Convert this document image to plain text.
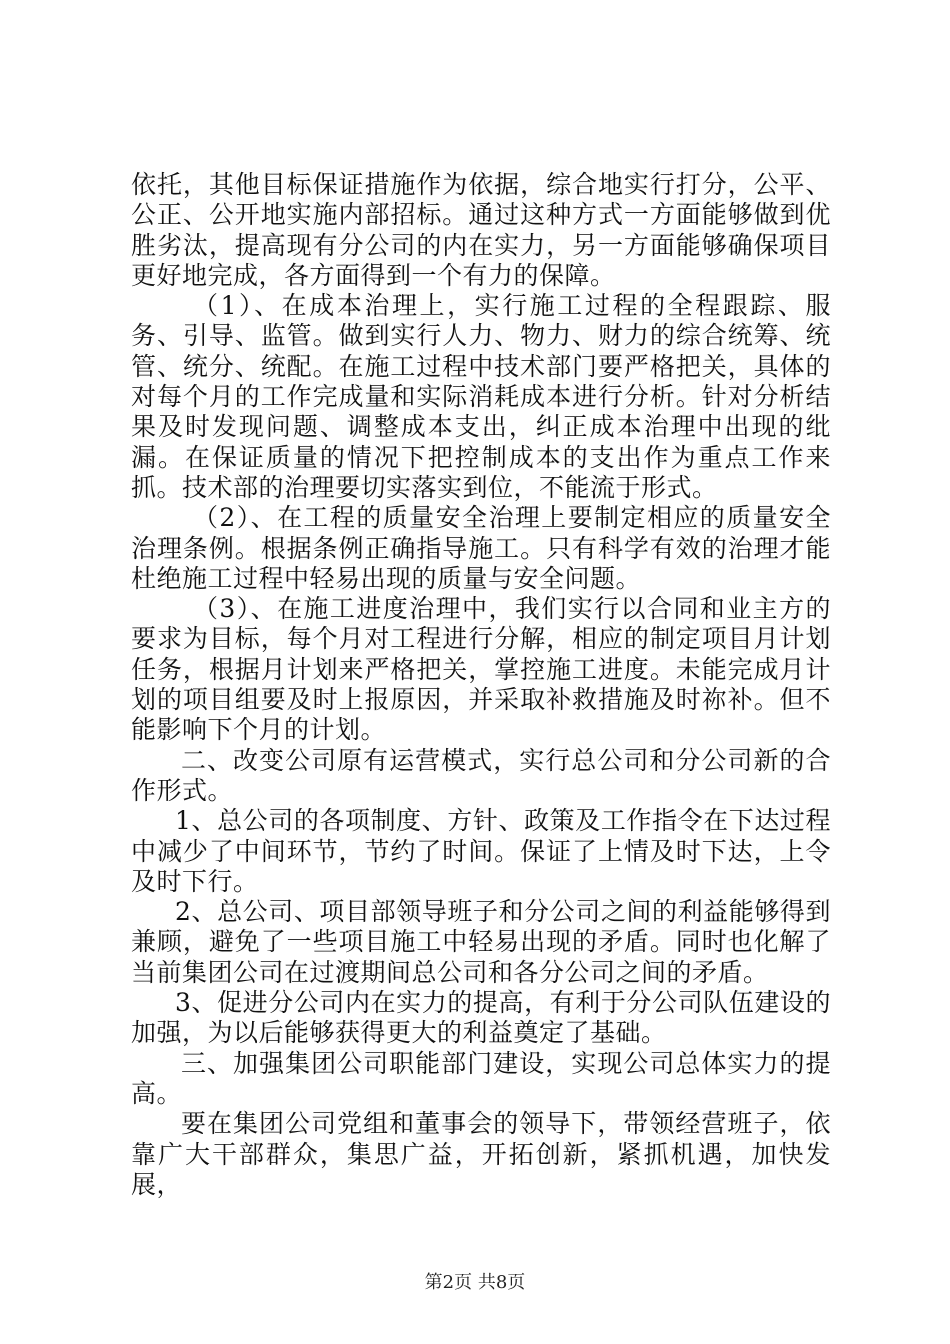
依托，其他目标保证措施作为依据，综合地实行打分，公平、公正、公开地实施内部招标。通过这种方式一方面能够做到优胜劣汰，提高现有分公司的内在实力，另一方面能够确保项目更好地完成，各方面得到一个有力的保障。

（1）、在成本治理上，实行施工过程的全程跟踪、服务、引导、监管。做到实行人力、物力、财力的综合统筹、统管、统分、统配。在施工过程中技术部门要严格把关，具体的对每个月的工作完成量和实际消耗成本进行分析。针对分析结果及时发现问题、调整成本支出，纠正成本治理中出现的纰漏。在保证质量的情况下把控制成本的支出作为重点工作来抓。技术部的治理要切实落实到位，不能流于形式。

（2）、在工程的质量安全治理上要制定相应的质量安全治理条例。根据条例正确指导施工。只有科学有效的治理才能杜绝施工过程中轻易出现的质量与安全问题。

（3）、在施工进度治理中，我们实行以合同和业主方的要求为目标，每个月对工程进行分解，相应的制定项目月计划任务，根据月计划来严格把关，掌控施工进度。未能完成月计划的项目组要及时上报原因，并采取补救措施及时祢补。但不能影响下个月的计划。

二、改变公司原有运营模式，实行总公司和分公司新的合作形式。

1、总公司的各项制度、方针、政策及工作指令在下达过程中减少了中间环节，节约了时间。保证了上情及时下达，上令及时下行。

2、总公司、项目部领导班子和分公司之间的利益能够得到兼顾，避免了一些项目施工中轻易出现的矛盾。同时也化解了当前集团公司在过渡期间总公司和各分公司之间的矛盾。

3、促进分公司内在实力的提高，有利于分公司队伍建设的加强，为以后能够获得更大的利益奠定了基础。

三、加强集团公司职能部门建设，实现公司总体实力的提高。

要在集团公司党组和董事会的领导下，带领经营班子，依靠广大干部群众，集思广益，开拓创新，紧抓机遇，加快发展，

第2页 共8页
